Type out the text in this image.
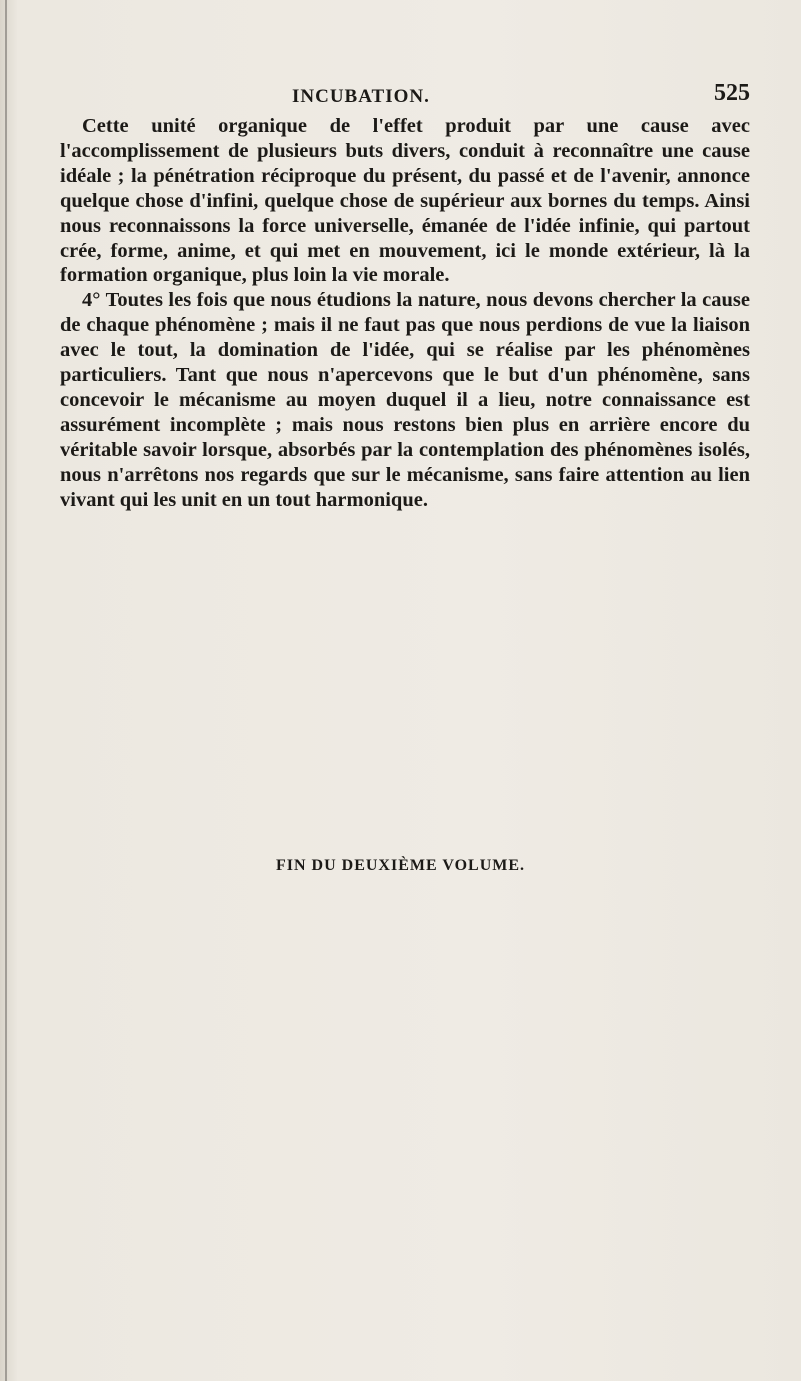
INCUBATION.	525

Cette unité organique de l'effet produit par une cause avec l'accomplissement de plusieurs buts divers, conduit à reconnaître une cause idéale ; la pénétration réciproque du présent, du passé et de l'avenir, annonce quelque chose d'infini, quelque chose de supérieur aux bornes du temps. Ainsi nous reconnaissons la force universelle, émanée de l'idée infinie, qui partout crée, forme, anime, et qui met en mouvement, ici le monde extérieur, là la formation organique, plus loin la vie morale.

4° Toutes les fois que nous étudions la nature, nous devons chercher la cause de chaque phénomène ; mais il ne faut pas que nous perdions de vue la liaison avec le tout, la domination de l'idée, qui se réalise par les phénomènes particuliers. Tant que nous n'apercevons que le but d'un phénomène, sans concevoir le mécanisme au moyen duquel il a lieu, notre connaissance est assurément incomplète ; mais nous restons bien plus en arrière encore du véritable savoir lorsque, absorbés par la contemplation des phénomènes isolés, nous n'arrêtons nos regards que sur le mécanisme, sans faire attention au lien vivant qui les unit en un tout harmonique.

FIN DU DEUXIÈME VOLUME.
